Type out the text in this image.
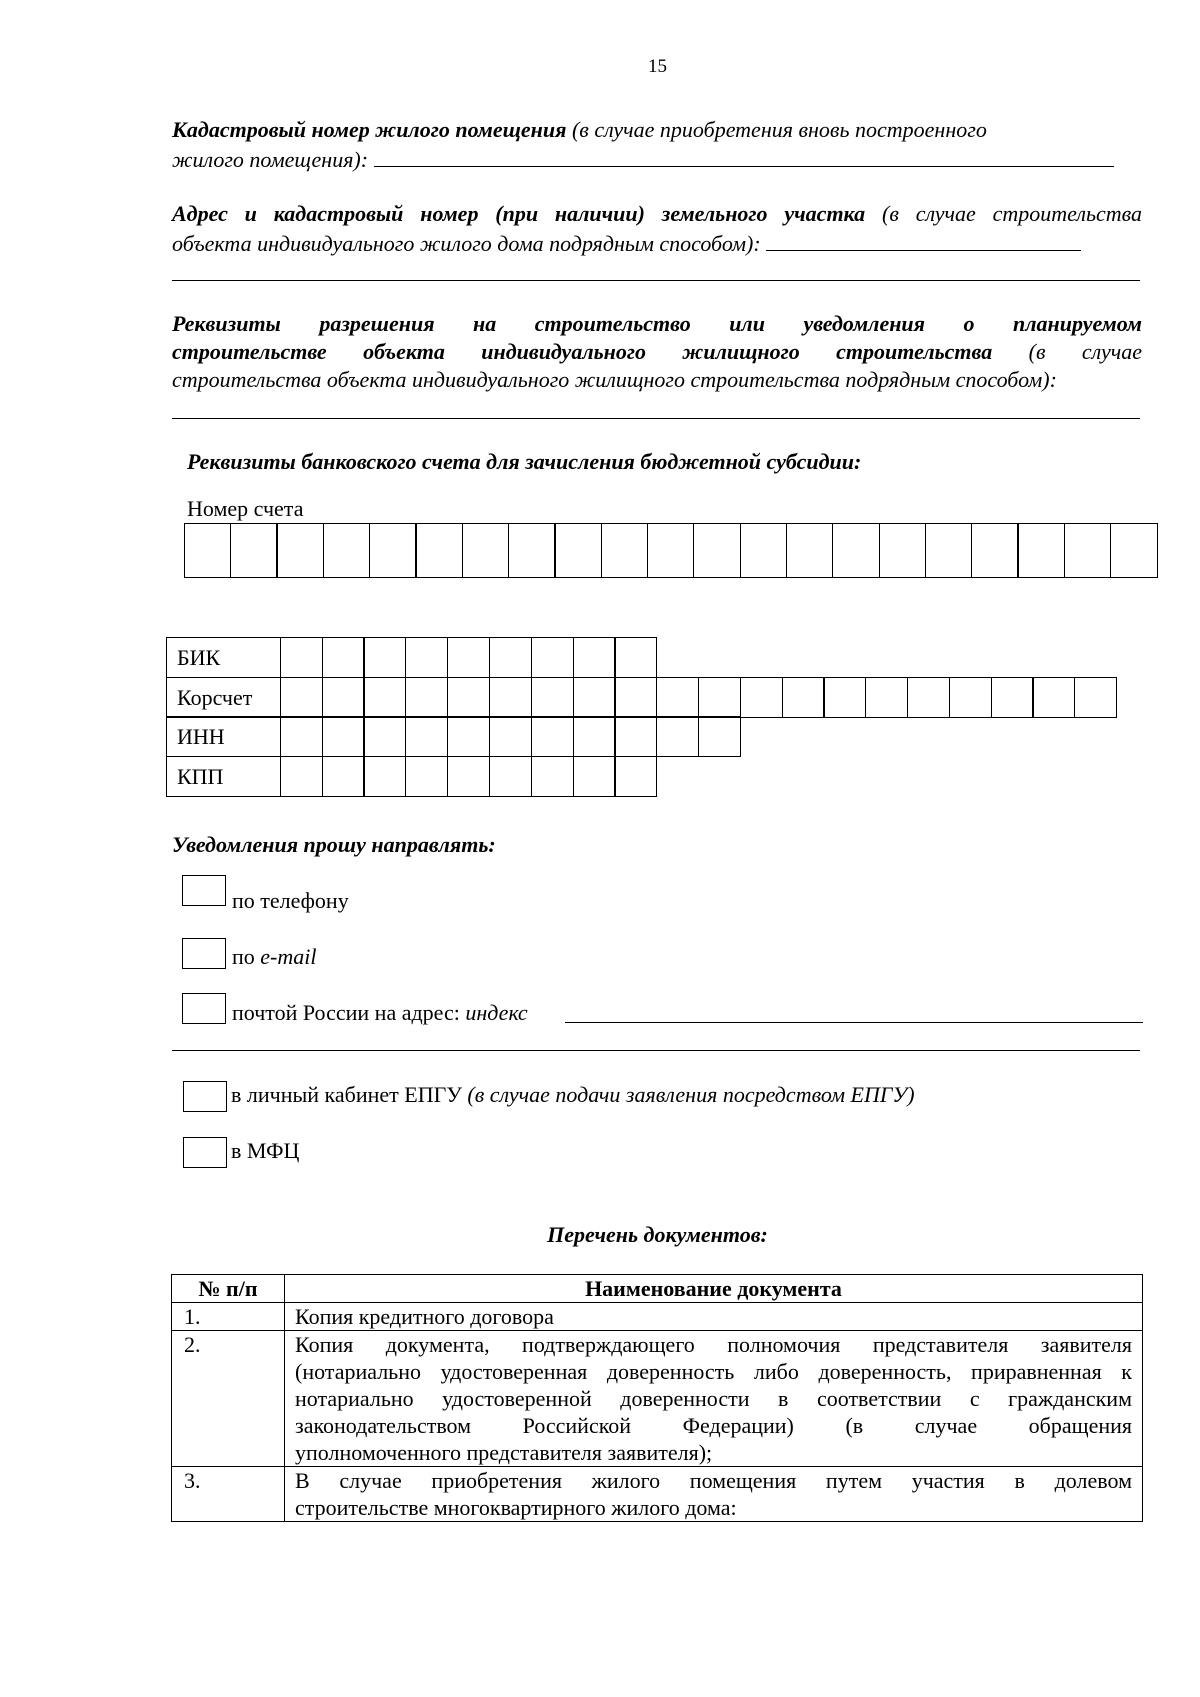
15
Кадастровый номер жилого помещения (в случае приобретения вновь построенного
жилого помещения):
Адрес и кадастровый номер (при наличии) земельного участка (в случае строительства
объекта индивидуального жилого дома подрядным способом):
Реквизиты разрешения на строительство или уведомления о планируемом
строительстве объекта индивидуального жилищного строительства (в случае
строительства объекта индивидуального жилищного строительства подрядным способом):
Реквизиты банковского счета для зачисления бюджетной субсидии:
Номер счета
БИК
Корсчет
ИНН
КПП
Уведомления прошу направлять:
по телефону
по e-mail
почтой России на адрес: индекс
в личный кабинет ЕПГУ (в случае подачи заявления посредством ЕПГУ)
в МФЦ
Перечень документов:
№ п/п	Наименование документа
1.	Копия кредитного договора

2.	Копия документа, подтверждающего полномочия представителя заявителя
(нотариально удостоверенная доверенность либо доверенность, приравненная к
нотариально удостоверенной доверенности в соответствии с гражданским
законодательством Российской Федерации) (в случае обращения
уполномоченного представителя заявителя);

3.	В случае приобретения жилого помещения путем участия в долевом
строительстве многоквартирного жилого дома:
